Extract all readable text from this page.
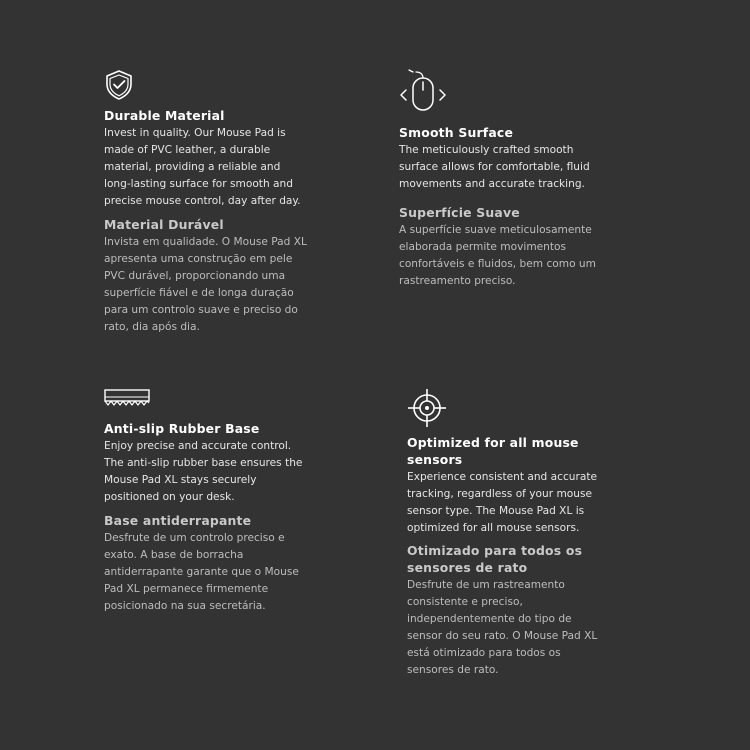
Durable Material

Invest in quality. Our Mouse Pad is
made of PVC leather, a durable
material, providing a reliable and
long-lasting surface for smooth and
precise mouse control, day after day.

Material Durável

Invista em qualidade. O Mouse Pad XL
apresenta uma construção em pele
PVC durável, proporcionando uma
superfície fiável e de longa duração
para um controlo suave e preciso do
rato, dia após dia.

Smooth Surface

The meticulously crafted smooth
surface allows for comfortable, fluid
movements and accurate tracking.

Superfície Suave

A superfície suave meticulosamente
elaborada permite movimentos
confortáveis e fluidos, bem como um
rastreamento preciso.

Anti-slip Rubber Base

Enjoy precise and accurate control.
The anti-slip rubber base ensures the
Mouse Pad XL stays securely
positioned on your desk.

Base antiderrapante

Desfrute de um controlo preciso e
exato. A base de borracha
antiderrapante garante que o Mouse
Pad XL permanece firmemente
posicionado na sua secretária.

Optimized for all mouse
sensors

Experience consistent and accurate
tracking, regardless of your mouse
sensor type. The Mouse Pad XL is
optimized for all mouse sensors.

Otimizado para todos os
sensores de rato

Desfrute de um rastreamento
consistente e preciso,
independentemente do tipo de
sensor do seu rato. O Mouse Pad XL
está otimizado para todos os
sensores de rato.
